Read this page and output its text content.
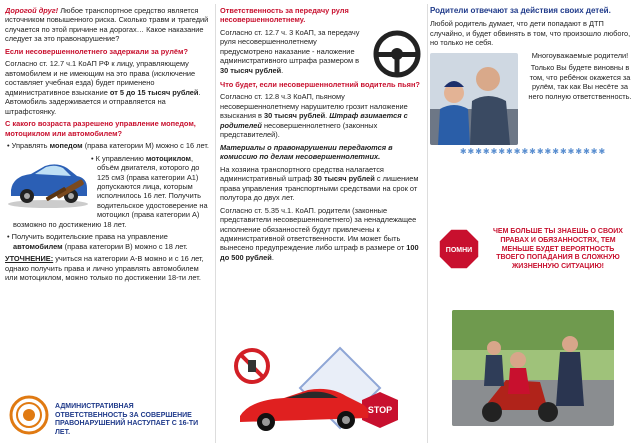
Дорогой друг! Любое транспортное средство является источником повышенного риска. Сколько травм и трагедий случается по этой причине на дорогах… Какое наказание следует за это правонарушение?

Если несовершеннолетнего задержали за рулём?

Согласно ст. 12.7 ч.1 КоАП РФ к лицу, управляющему автомобилем и не имеющим на это права (исключение составляет учебная езда) будет применено административное взыскание от 5 до 15 тысяч рублей. Автомобиль задерживается и отправляется на штрафстоянку.

С какого возраста разрешено управление мопедом, мотоциклом или автомобилем?

• Управлять мопедом (права категории М) можно с 16 лет.

• К управлению мотоциклом, объём двигателя, которого до 125 см3 (права категории А1) допускаются лица, которым исполнилось 16 лет. Получить водительское удостоверение на мотоцикл (права категории А) возможно по достижению 18 лет.

• Получить водительские права на управление автомобилем (права категории В) можно с 18 лет.

УТОЧНЕНИЕ: учиться на категории А-В можно и с 16 лет, однако получить права и лично управлять автомобилем или мотоциклом, можно только по достижении 18-ти лет.

АДМИНИСТРАТИВНАЯ ОТВЕТСТВЕННОСТЬ ЗА СОВЕРШЕНИЕ ПРАВОНАРУШЕНИЙ НАСТУПАЕТ С 16-ТИ ЛЕТ.

Ответственность за передачу руля несовершеннолетнему.

Согласно ст. 12.7 ч. 3 КоАП, за передачу руля несовершеннолетнему предусмотрено наказание - наложение административного штрафа размером в 30 тысяч рублей.

Что будет, если несовершеннолетний водитель пьян?

Согласно ст. 12.8 ч.3 КоАП, пьяному несовершеннолетнему нарушителю грозит наложение взыскания в 30 тысяч рублей. Штраф взимается с родителей несовершеннолетнего (законных представителей).

Материалы о правонарушении передаются в комиссию по делам несовершеннолетних.

На хозяина транспортного средства налагается административный штраф 30 тысяч рублей с лишением права управления транспортными средствами на срок от полутора до двух лет.

Согласно ст. 5.35 ч.1. КоАП. родители (законные представители несовершеннолетнего) за ненадлежащее исполнение обязанностей будут привлечены к административной ответственности. Им может быть вынесено предупреждение либо штраф в размере от 100 до 500 рублей.

STOP

Родители отвечают за действия своих детей.

Любой родитель думает, что дети попадают в ДТП случайно, и будет обвинять в том, что произошло любого, но только не себя.

Многоуважаемые родители!

Только Вы будете виновны в том, что ребёнок окажется за рулём, так как Вы несёте за него полную ответственность.

✱✱✱✱✱✱✱✱✱✱✱✱✱✱✱✱✱✱✱
ПОМНИ
ЧЕМ БОЛЬШЕ ТЫ ЗНАЕШЬ О СВОИХ ПРАВАХ И ОБЯЗАННОСТЯХ, ТЕМ МЕНЬШЕ БУДЕТ ВЕРОЯТНОСТЬ ТВОЕГО ПОПАДАНИЯ В СЛОЖНУЮ ЖИЗНЕННУЮ СИТУАЦИЮ!
